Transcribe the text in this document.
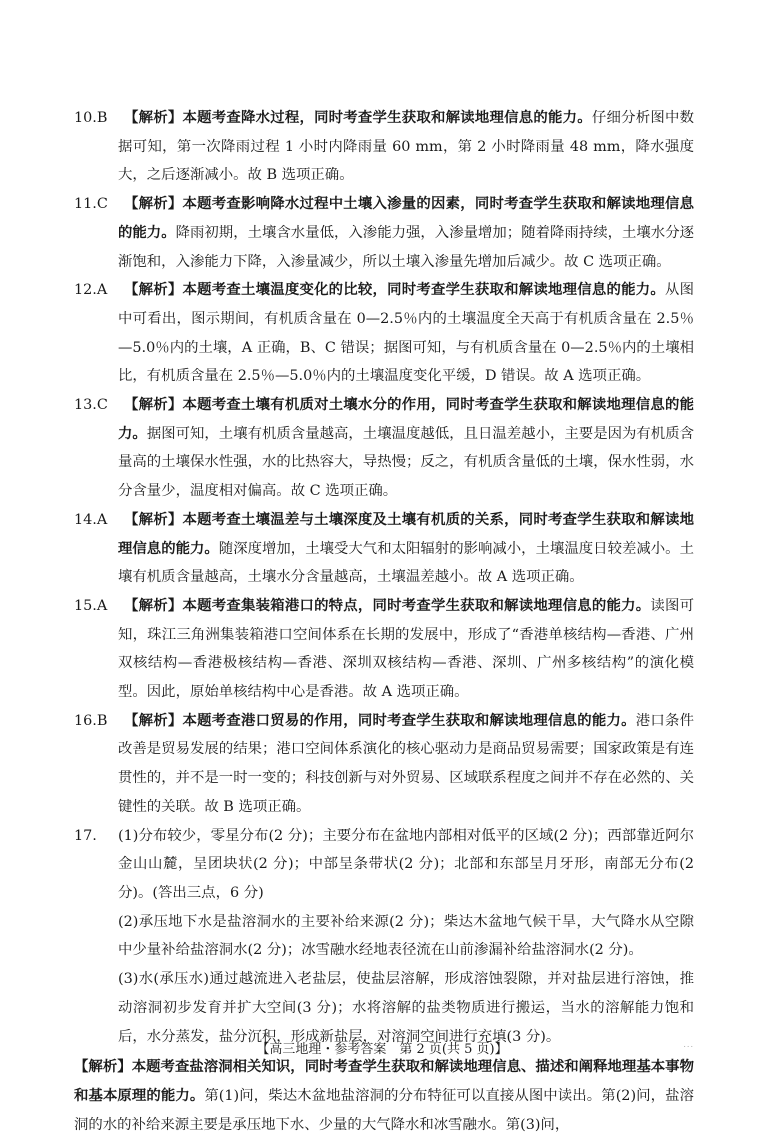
10.B	【解析】本题考查降水过程，同时考查学生获取和解读地理信息的能力。仔细分析图中数据可知，第一次降雨过程 1 小时内降雨量 60 mm，第 2 小时降雨量 48 mm，降水强度大，之后逐渐减小。故 B 选项正确。
11.C	【解析】本题考查影响降水过程中土壤入渗量的因素，同时考查学生获取和解读地理信息的能力。降雨初期，土壤含水量低，入渗能力强，入渗量增加；随着降雨持续，土壤水分逐渐饱和，入渗能力下降，入渗量减少，所以土壤入渗量先增加后减少。故 C 选项正确。
12.A	【解析】本题考查土壤温度变化的比较，同时考查学生获取和解读地理信息的能力。从图中可看出，图示期间，有机质含量在 0—2.5％内的土壤温度全天高于有机质含量在 2.5％—5.0％内的土壤，A 正确，B、C 错误；据图可知，与有机质含量在 0—2.5％内的土壤相比，有机质含量在 2.5％—5.0％内的土壤温度变化平缓，D 错误。故 A 选项正确。
13.C	【解析】本题考查土壤有机质对土壤水分的作用，同时考查学生获取和解读地理信息的能力。据图可知，土壤有机质含量越高，土壤温度越低，且日温差越小，主要是因为有机质含量高的土壤保水性强，水的比热容大，导热慢；反之，有机质含量低的土壤，保水性弱，水分含量少，温度相对偏高。故 C 选项正确。
14.A	【解析】本题考查土壤温差与土壤深度及土壤有机质的关系，同时考查学生获取和解读地理信息的能力。随深度增加，土壤受大气和太阳辐射的影响减小，土壤温度日较差减小。土壤有机质含量越高，土壤水分含量越高，土壤温差越小。故 A 选项正确。
15.A	【解析】本题考查集装箱港口的特点，同时考查学生获取和解读地理信息的能力。读图可知，珠江三角洲集装箱港口空间体系在长期的发展中，形成了“香港单核结构—香港、广州双核结构—香港极核结构—香港、深圳双核结构—香港、深圳、广州多核结构”的演化模型。因此，原始单核结构中心是香港。故 A 选项正确。
16.B	【解析】本题考查港口贸易的作用，同时考查学生获取和解读地理信息的能力。港口条件改善是贸易发展的结果；港口空间体系演化的核心驱动力是商品贸易需要；国家政策是有连贯性的，并不是一时一变的；科技创新与对外贸易、区域联系程度之间并不存在必然的、关键性的关联。故 B 选项正确。
17.	(1)分布较少，零星分布(2 分)；主要分布在盆地内部相对低平的区域(2 分)；西部靠近阿尔金山山麓，呈团块状(2 分)；中部呈条带状(2 分)；北部和东部呈月牙形，南部无分布(2 分)。(答出三点，6 分)
(2)承压地下水是盐溶洞水的主要补给来源(2 分)；柴达木盆地气候干旱，大气降水从空隙中少量补给盐溶洞水(2 分)；冰雪融水经地表径流在山前渗漏补给盐溶洞水(2 分)。
(3)水(承压水)通过越流进入老盐层，使盐层溶解，形成溶蚀裂隙，并对盐层进行溶蚀，推动溶洞初步发育并扩大空间(3 分)；水将溶解的盐类物质进行搬运，当水的溶解能力饱和后，水分蒸发，盐分沉积，形成新盐层，对溶洞空间进行充填(3 分)。
【解析】本题考查盐溶洞相关知识，同时考查学生获取和解读地理信息、描述和阐释地理基本事物和基本原理的能力。第(1)问，柴达木盆地盐溶洞的分布特征可以直接从图中读出。第(2)问，盐溶洞的水的补给来源主要是承压地下水、少量的大气降水和冰雪融水。第(3)问，
【高三地理・参考答案　第 2 页(共 5 页)】	...
